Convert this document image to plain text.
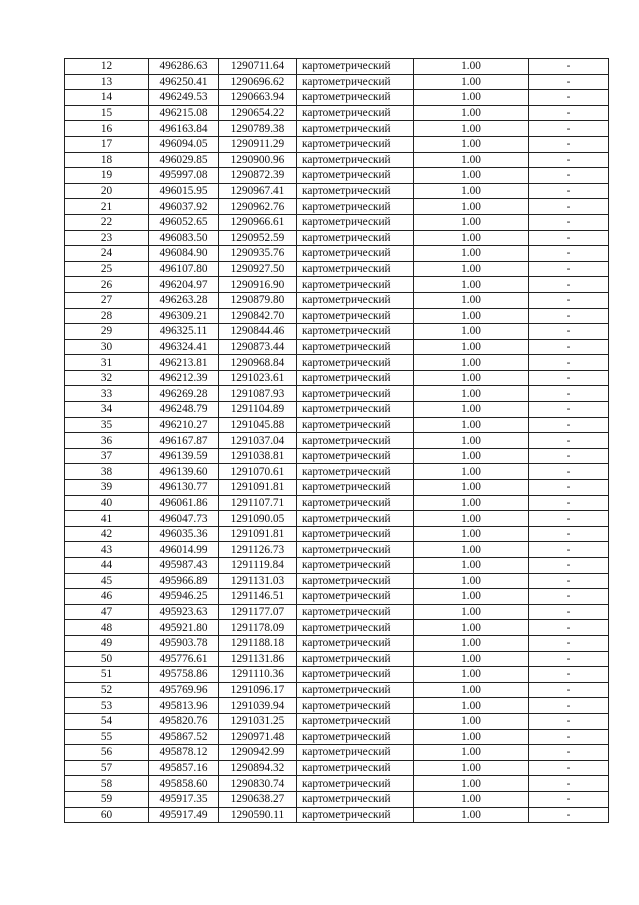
12	496286.63	1290711.64	картометрический	1.00	-
13	496250.41	1290696.62	картометрический	1.00	-
14	496249.53	1290663.94	картометрический	1.00	-
15	496215.08	1290654.22	картометрический	1.00	-
16	496163.84	1290789.38	картометрический	1.00	-
17	496094.05	1290911.29	картометрический	1.00	-
18	496029.85	1290900.96	картометрический	1.00	-
19	495997.08	1290872.39	картометрический	1.00	-
20	496015.95	1290967.41	картометрический	1.00	-
21	496037.92	1290962.76	картометрический	1.00	-
22	496052.65	1290966.61	картометрический	1.00	-
23	496083.50	1290952.59	картометрический	1.00	-
24	496084.90	1290935.76	картометрический	1.00	-
25	496107.80	1290927.50	картометрический	1.00	-
26	496204.97	1290916.90	картометрический	1.00	-
27	496263.28	1290879.80	картометрический	1.00	-
28	496309.21	1290842.70	картометрический	1.00	-
29	496325.11	1290844.46	картометрический	1.00	-
30	496324.41	1290873.44	картометрический	1.00	-
31	496213.81	1290968.84	картометрический	1.00	-
32	496212.39	1291023.61	картометрический	1.00	-
33	496269.28	1291087.93	картометрический	1.00	-
34	496248.79	1291104.89	картометрический	1.00	-
35	496210.27	1291045.88	картометрический	1.00	-
36	496167.87	1291037.04	картометрический	1.00	-
37	496139.59	1291038.81	картометрический	1.00	-
38	496139.60	1291070.61	картометрический	1.00	-
39	496130.77	1291091.81	картометрический	1.00	-
40	496061.86	1291107.71	картометрический	1.00	-
41	496047.73	1291090.05	картометрический	1.00	-
42	496035.36	1291091.81	картометрический	1.00	-
43	496014.99	1291126.73	картометрический	1.00	-
44	495987.43	1291119.84	картометрический	1.00	-
45	495966.89	1291131.03	картометрический	1.00	-
46	495946.25	1291146.51	картометрический	1.00	-
47	495923.63	1291177.07	картометрический	1.00	-
48	495921.80	1291178.09	картометрический	1.00	-
49	495903.78	1291188.18	картометрический	1.00	-
50	495776.61	1291131.86	картометрический	1.00	-
51	495758.86	1291110.36	картометрический	1.00	-
52	495769.96	1291096.17	картометрический	1.00	-
53	495813.96	1291039.94	картометрический	1.00	-
54	495820.76	1291031.25	картометрический	1.00	-
55	495867.52	1290971.48	картометрический	1.00	-
56	495878.12	1290942.99	картометрический	1.00	-
57	495857.16	1290894.32	картометрический	1.00	-
58	495858.60	1290830.74	картометрический	1.00	-
59	495917.35	1290638.27	картометрический	1.00	-
60	495917.49	1290590.11	картометрический	1.00	-
